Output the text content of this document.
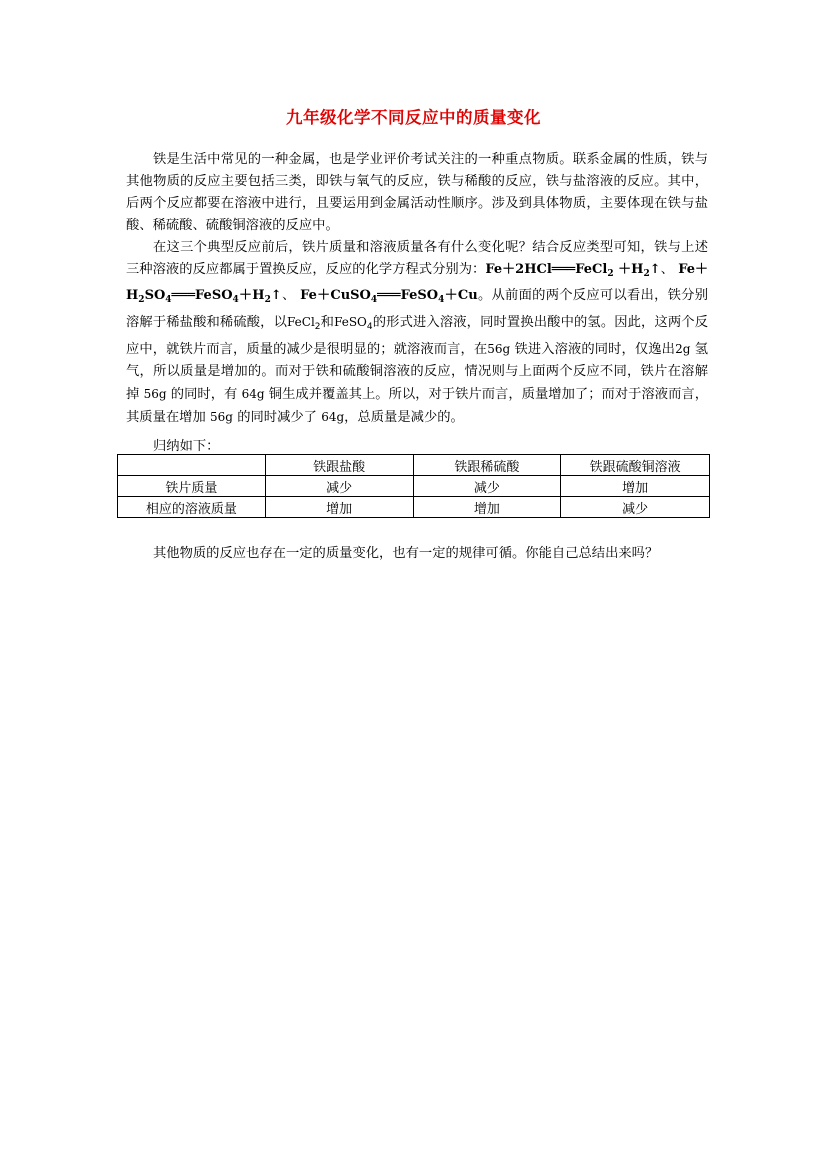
九年级化学不同反应中的质量变化

铁是生活中常见的一种金属，也是学业评价考试关注的一种重点物质。联系金属的性质，铁与其他物质的反应主要包括三类，即铁与氧气的反应，铁与稀酸的反应，铁与盐溶液的反应。其中，后两个反应都要在溶液中进行，且要运用到金属活动性顺序。涉及到具体物质，主要体现在铁与盐酸、稀硫酸、硫酸铜溶液的反应中。

在这三个典型反应前后，铁片质量和溶液质量各有什么变化呢？结合反应类型可知，铁与上述三种溶液的反应都属于置换反应，反应的化学方程式分别为：Fe＋2HCl═══FeCl$_2$ $+H_2↑$、 $Fe+H_2SO_4═══FeSO_4+H_2↑$、 Fe＋CuSO$_4$═══FeSO$_4$＋Cu。从前面的两个反应可以看出，铁分别溶解于稀盐酸和稀硫酸，以FeCl$_2$和FeSO$_4$的形式进入溶液，同时置换出酸中的氢。因此，这两个反应中，就铁片而言，质量的减少是很明显的；就溶液而言，在56g 铁进入溶液的同时，仅逸出2g 氢气，所以质量是增加的。而对于铁和硫酸铜溶液的反应，情况则与上面两个反应不同，铁片在溶解掉 56g 的同时，有 64g 铜生成并覆盖其上。所以，对于铁片而言，质量增加了；而对于溶液而言，其质量在增加 56g 的同时减少了 64g，总质量是减少的。

归纳如下：

	铁跟盐酸	铁跟稀硫酸	铁跟硫酸铜溶液
铁片质量	减少	减少	增加
相应的溶液质量	增加	增加	减少

其他物质的反应也存在一定的质量变化，也有一定的规律可循。你能自己总结出来吗？
